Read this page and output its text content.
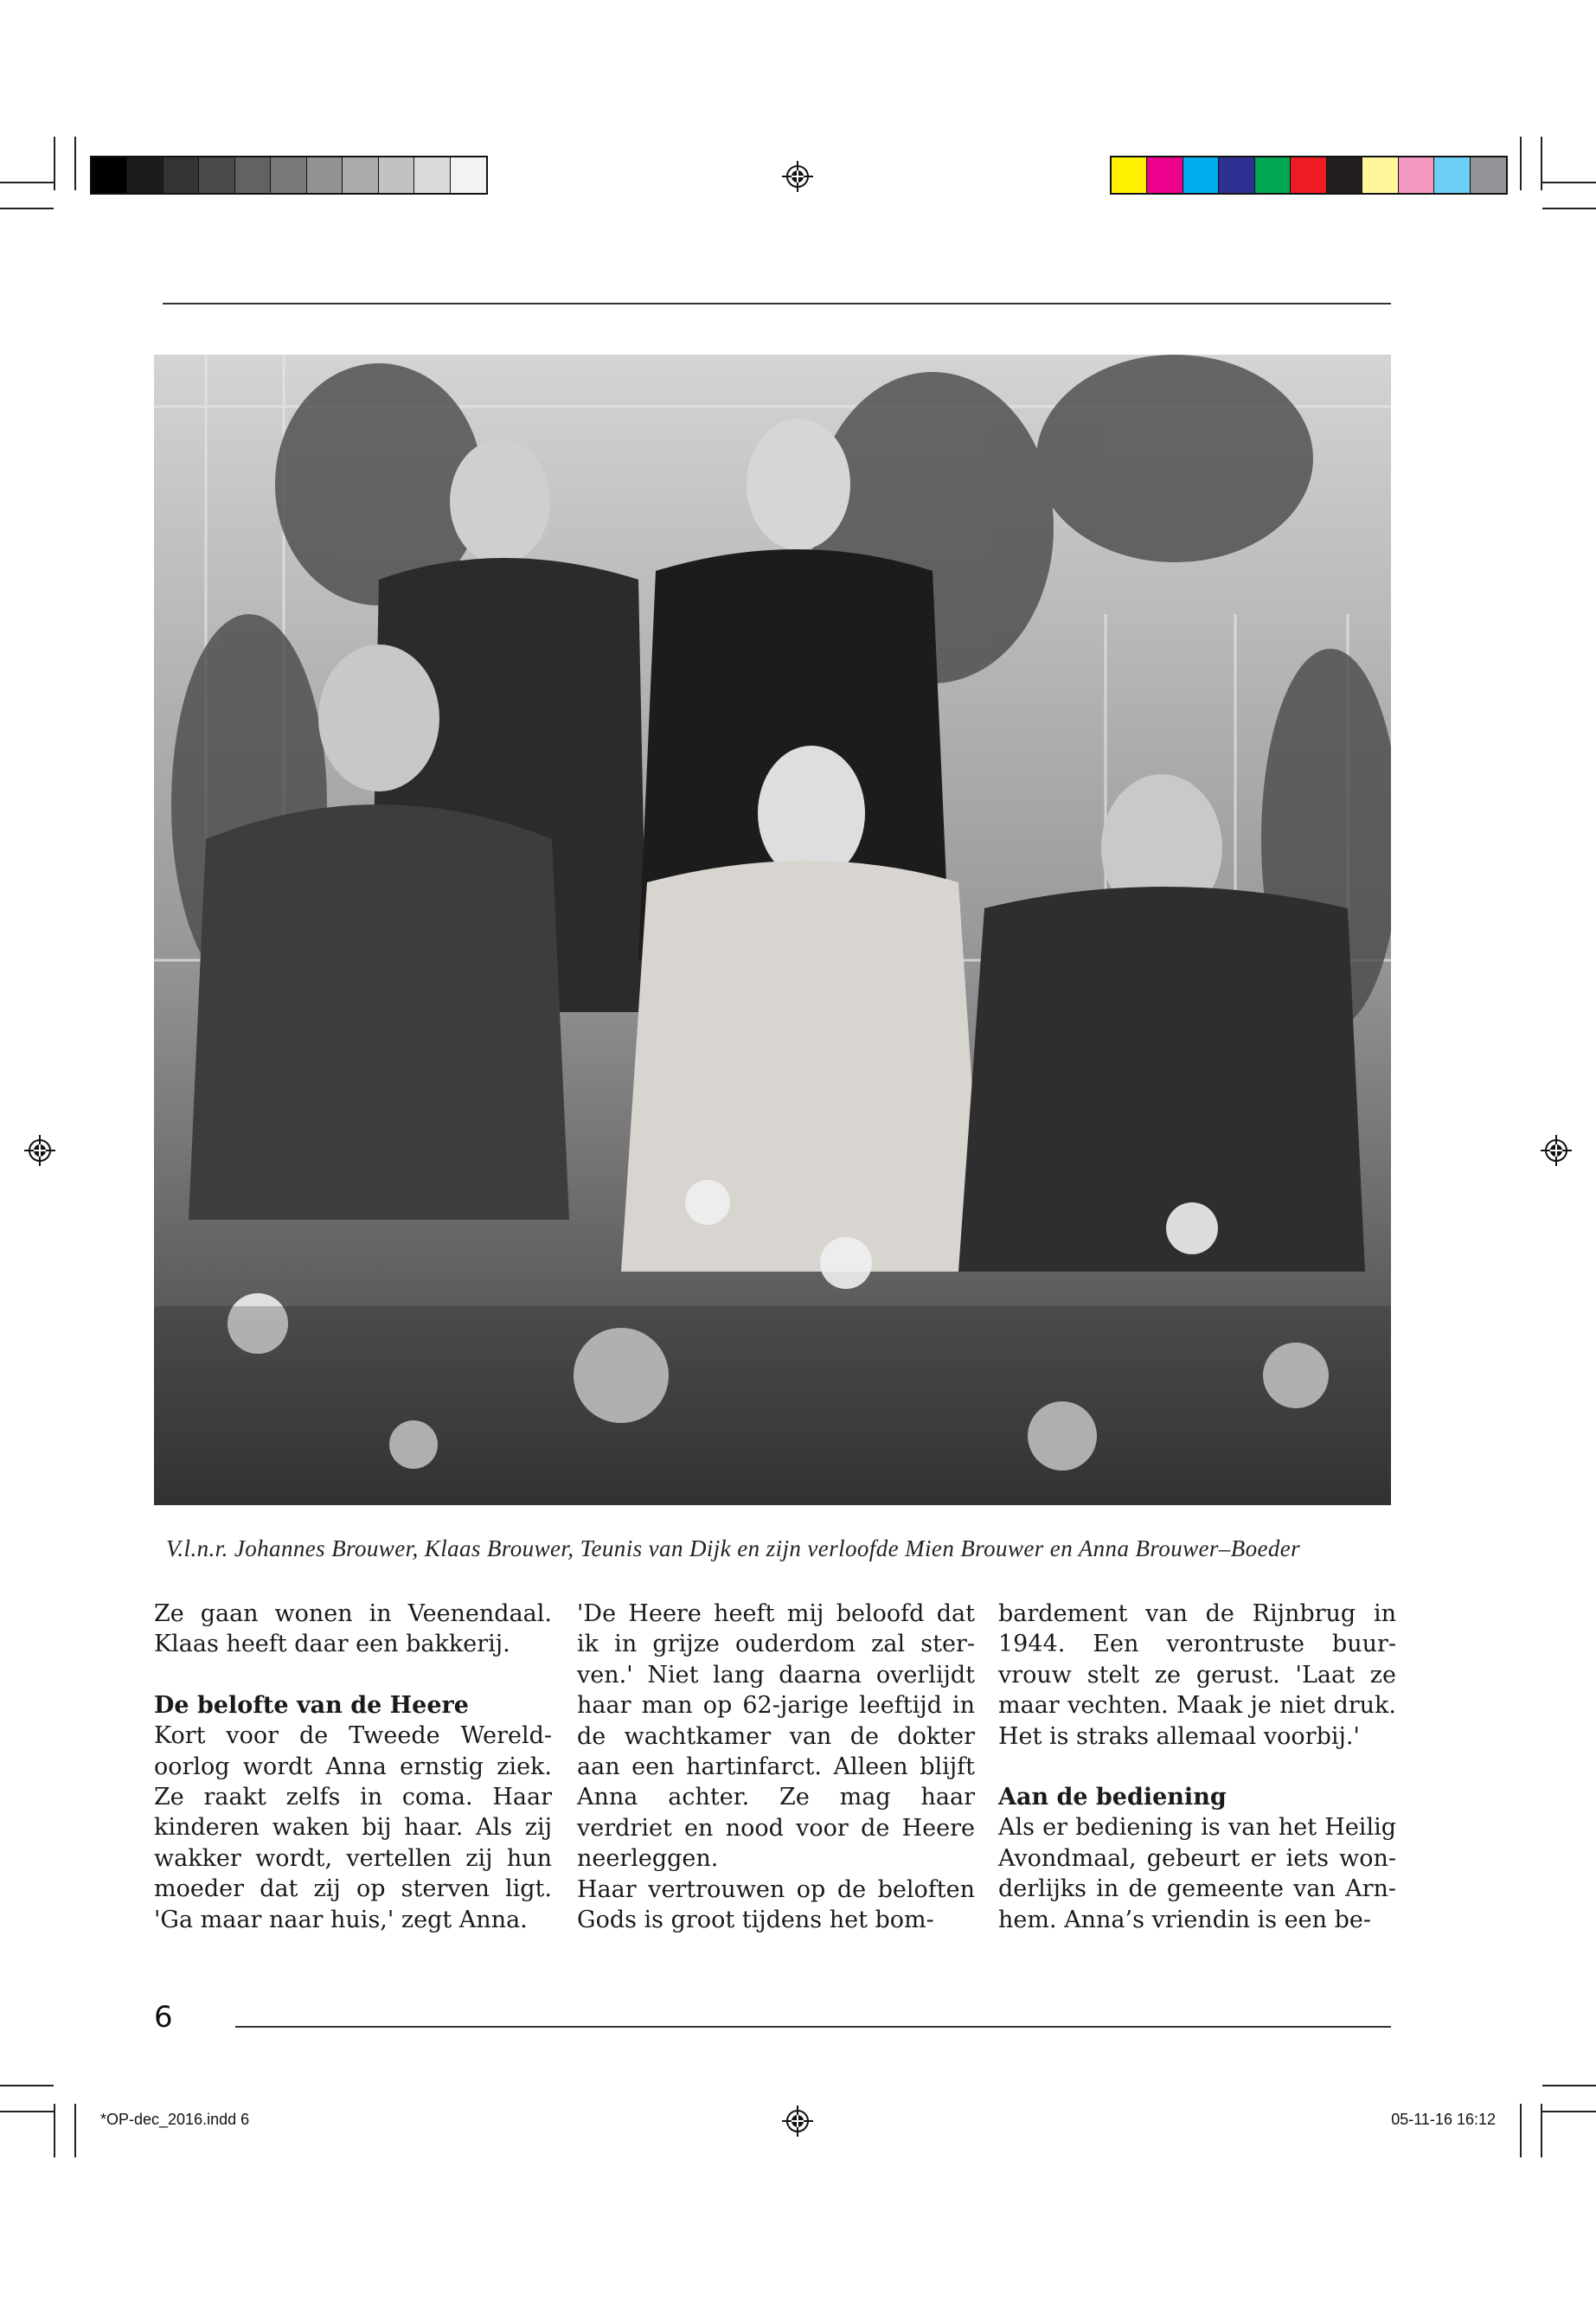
V.l.n.r. Johannes Brouwer, Klaas Brouwer, Teunis van Dijk en zijn verloofde Mien Brouwer en Anna Brouwer–Boeder

Ze gaan wonen in Veenendaal. Klaas heeft daar een bakkerij.

De belofte van de Heere

Kort voor de Tweede Wereldoorlog wordt Anna ernstig ziek. Ze raakt zelfs in coma. Haar kinderen waken bij haar. Als zij wakker wordt, vertellen zij hun moeder dat zij op sterven ligt. 'Ga maar naar huis,' zegt Anna.

'De Heere heeft mij beloofd dat ik in grijze ouderdom zal sterven.' Niet lang daarna overlijdt haar man op 62-jarige leeftijd in de wachtkamer van de dokter aan een hartinfarct. Alleen blijft Anna achter. Ze mag haar verdriet en nood voor de Heere neerleggen.

Haar vertrouwen op de beloften Gods is groot tijdens het bom-

bardement van de Rijnbrug in 1944. Een verontruste buurvrouw stelt ze gerust. 'Laat ze maar vechten. Maak je niet druk. Het is straks allemaal voorbij.'

Aan de bediening

Als er bediening is van het Heilig Avondmaal, gebeurt er iets wonderlijks in de gemeente van Arnhem. Anna’s vriendin is een be-

6
*OP-dec_2016.indd 6	05-11-16 16:12
